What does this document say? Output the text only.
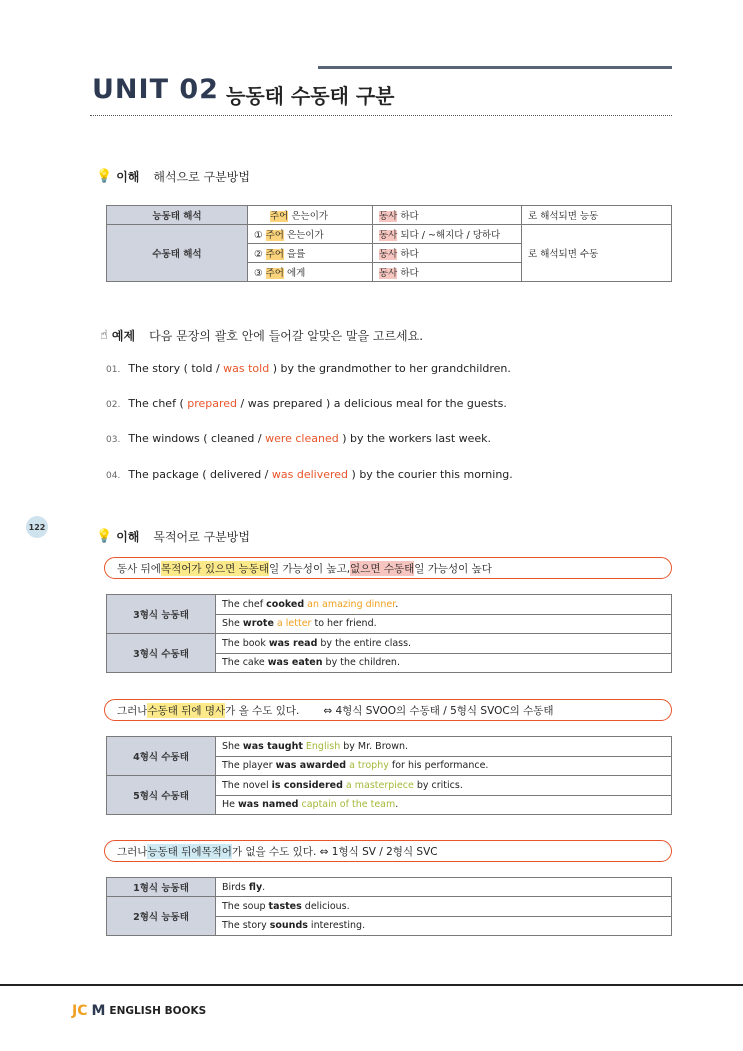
UNIT 02 능동태 수동태 구분
💡 이해 해석으로 구분방법
능동태 해석	주어 은는이가	동사 하다	로 해석되면 능동
수동태 해석	① 주어 은는이가	동사 되다 / ~해지다 / 당하다	로 해석되면 수동
	② 주어 을를	동사 하다	
	③ 주어 에게	동사 하다	
☝ 예제 다음 문장의 괄호 안에 들어갈 알맞은 말을 고르세요.
01. The story ( told / was told ) by the grandmother to her grandchildren.
02. The chef ( prepared / was prepared ) a delicious meal for the guests.
03. The windows ( cleaned / were cleaned ) by the workers last week.
04. The package ( delivered / was delivered ) by the courier this morning.
122
💡 이해 목적어로 구분방법
동사 뒤에 목적어가 있으면 능동태 일 가능성이 높고, 없으면 수동태 일 가능성이 높다
3형식 능동태	The chef cooked an amazing dinner.
	She wrote a letter to her friend.
3형식 수동태	The book was read by the entire class.
	The cake was eaten by the children.
그러나 수동태 뒤에 명사 가 올 수도 있다. ⇔ 4형식 SVOO의 수동태 / 5형식 SVOC의 수동태
4형식 수동태	She was taught English by Mr. Brown.
	The player was awarded a trophy for his performance.
5형식 수동태	The novel is considered a masterpiece by critics.
	He was named captain of the team.
그러나 능동태 뒤에 목적어 가 없을 수도 있다. ⇔ 1형식 SV / 2형식 SVC
1형식 능동태	Birds fly.
2형식 능동태	The soup tastes delicious.
	The story sounds interesting.
JC M ENGLISH BOOKS
